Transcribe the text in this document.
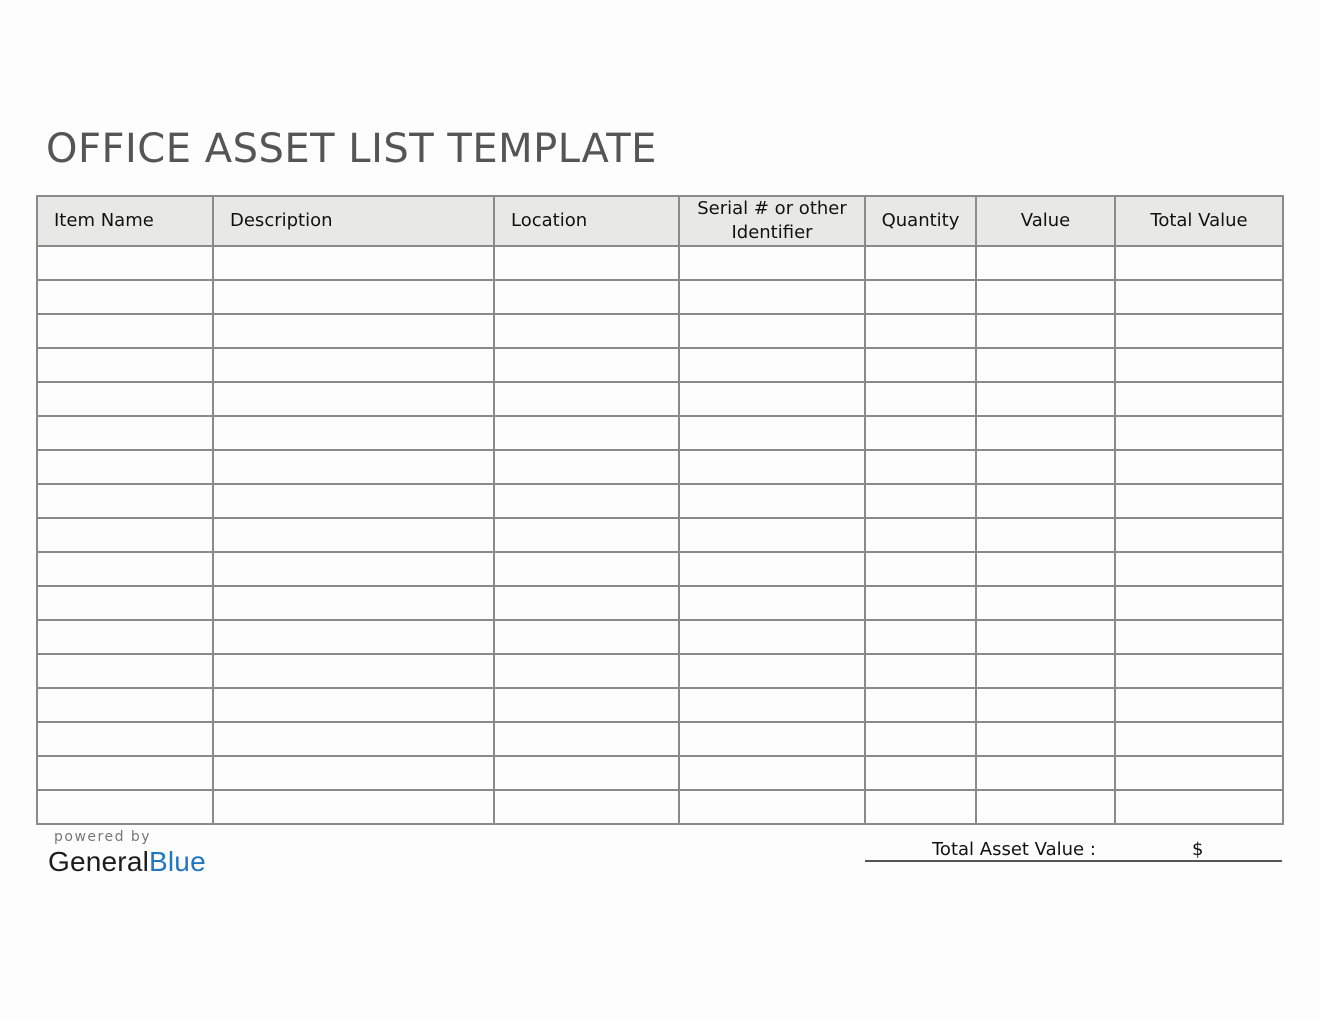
OFFICE ASSET LIST TEMPLATE
Item Name	Description	Location	Serial # or other Identifier	Quantity	Value	Total Value

powered by
GeneralBlue	Total Asset Value :	$
